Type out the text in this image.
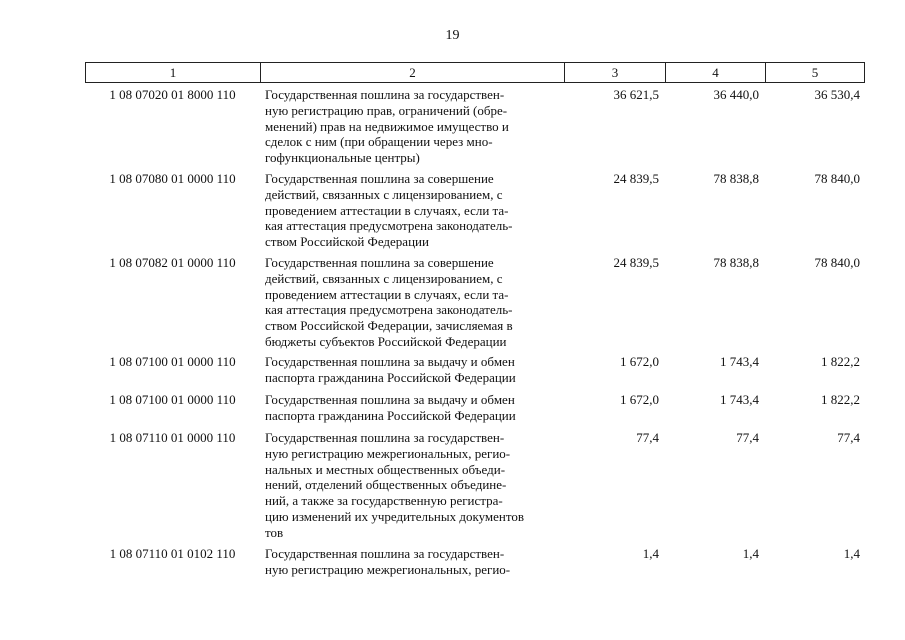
19
1	2	3	4	5
1 08 07020 01 8000 110	Государственная пошлина за государствен-
ную регистрацию прав, ограничений (обре-
менений) прав на недвижимое имущество и
сделок с ним (при обращении через мно-
гофункциональные центры)
36 621,5	36 440,0	36 530,4
1 08 07080 01 0000 110	Государственная пошлина за совершение
действий, связанных с лицензированием, с
проведением аттестации в случаях, если та-
кая аттестация предусмотрена законодатель-
ством Российской Федерации
24 839,5	78 838,8	78 840,0
1 08 07082 01 0000 110	Государственная пошлина за совершение
действий, связанных с лицензированием, с
проведением аттестации в случаях, если та-
кая аттестация предусмотрена законодатель-
ством Российской Федерации, зачисляемая в
бюджеты субъектов Российской Федерации
24 839,5	78 838,8	78 840,0
1 08 07100 01 0000 110	Государственная пошлина за выдачу и обмен
паспорта гражданина Российской Федерации
1 672,0	1 743,4	1 822,2
1 08 07100 01 0000 110	Государственная пошлина за выдачу и обмен
паспорта гражданина Российской Федерации
1 672,0	1 743,4	1 822,2
1 08 07110 01 0000 110	Государственная пошлина за государствен-
ную регистрацию межрегиональных, регио-
нальных и местных общественных объеди-
нений, отделений общественных объедине-
ний, а также за государственную регистра-
цию изменений их учредительных документов
тов
77,4	77,4	77,4
1 08 07110 01 0102 110	Государственная пошлина за государствен-
ную регистрацию межрегиональных, регио-
1,4	1,4	1,4
